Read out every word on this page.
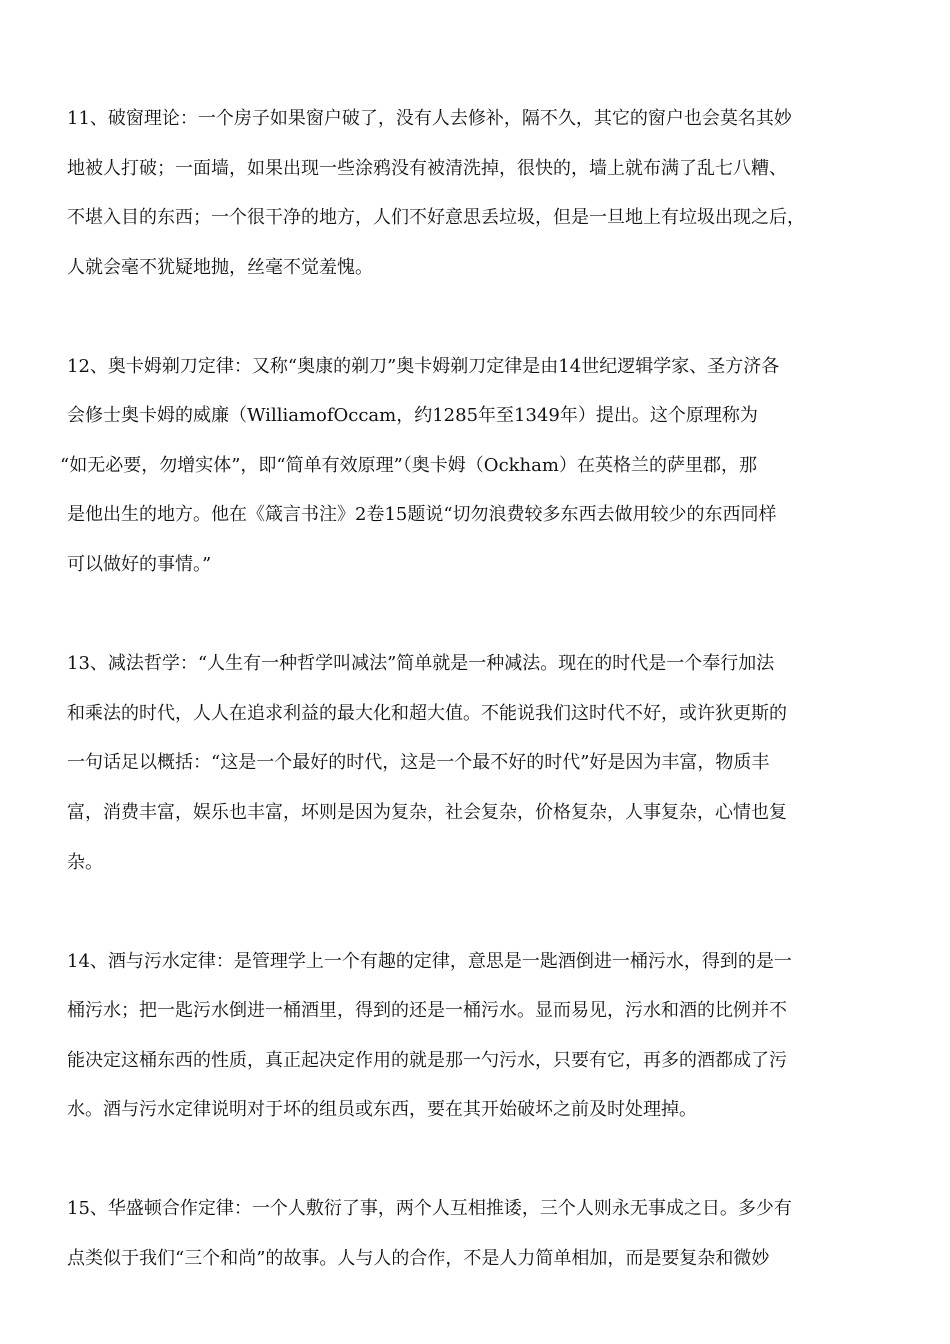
11、破窗理论：一个房子如果窗户破了，没有人去修补，隔不久，其它的窗户也会莫名其妙
地被人打破；一面墙，如果出现一些涂鸦没有被清洗掉，很快的，墙上就布满了乱七八糟、
不堪入目的东西；一个很干净的地方，人们不好意思丢垃圾，但是一旦地上有垃圾出现之后，
人就会毫不犹疑地抛，丝毫不觉羞愧。
12、奥卡姆剃刀定律：又称“奥康的剃刀”奥卡姆剃刀定律是由14世纪逻辑学家、圣方济各
会修士奥卡姆的威廉（WilliamofOccam，约1285年至1349年）提出。这个原理称为
“如无必要，勿增实体”，即“简单有效原理”（奥卡姆（Ockham）在英格兰的萨里郡，那
是他出生的地方。他在《箴言书注》2卷15题说“切勿浪费较多东西去做用较少的东西同样
可以做好的事情。”
13、减法哲学：“人生有一种哲学叫减法”简单就是一种减法。现在的时代是一个奉行加法
和乘法的时代，人人在追求利益的最大化和超大值。不能说我们这时代不好，或许狄更斯的
一句话足以概括：“这是一个最好的时代，这是一个最不好的时代”好是因为丰富，物质丰
富，消费丰富，娱乐也丰富，坏则是因为复杂，社会复杂，价格复杂，人事复杂，心情也复
杂。
14、酒与污水定律：是管理学上一个有趣的定律，意思是一匙酒倒进一桶污水，得到的是一
桶污水；把一匙污水倒进一桶酒里，得到的还是一桶污水。显而易见，污水和酒的比例并不
能决定这桶东西的性质，真正起决定作用的就是那一勺污水，只要有它，再多的酒都成了污
水。酒与污水定律说明对于坏的组员或东西，要在其开始破坏之前及时处理掉。
15、华盛顿合作定律：一个人敷衍了事，两个人互相推诿，三个人则永无事成之日。多少有
点类似于我们“三个和尚”的故事。人与人的合作，不是人力简单相加，而是要复杂和微妙
